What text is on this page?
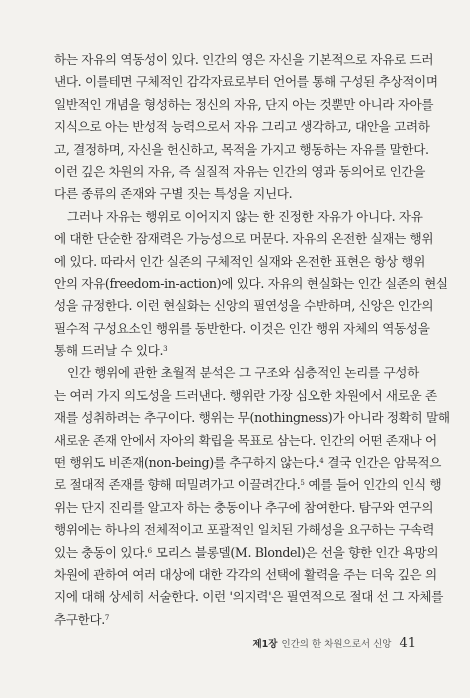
하는 자유의 역동성이 있다. 인간의 영은 자신을 기본적으로 자유로 드러
낸다. 이를테면 구체적인 감각자료로부터 언어를 통해 구성된 추상적이며
일반적인 개념을 형성하는 정신의 자유, 단지 아는 것뿐만 아니라 자아를
지식으로 아는 반성적 능력으로서 자유 그리고 생각하고, 대안을 고려하
고, 결정하며, 자신을 헌신하고, 목적을 가지고 행동하는 자유를 말한다.
이런 깊은 차원의 자유, 즉 실질적 자유는 인간의 영과 동의어로 인간을
다른 종류의 존재와 구별 짓는 특성을 지닌다.
그러나 자유는 행위로 이어지지 않는 한 진정한 자유가 아니다. 자유
에 대한 단순한 잠재력은 가능성으로 머문다. 자유의 온전한 실재는 행위
에 있다. 따라서 인간 실존의 구체적인 실재와 온전한 표현은 항상 행위
안의 자유(freedom-in-action)에 있다. 자유의 현실화는 인간 실존의 현실
성을 규정한다. 이런 현실화는 신앙의 필연성을 수반하며, 신앙은 인간의
필수적 구성요소인 행위를 동반한다. 이것은 인간 행위 자체의 역동성을
통해 드러날 수 있다.$^3$
인간 행위에 관한 초월적 분석은 그 구조와 심층적인 논리를 구성하
는 여러 가지 의도성을 드러낸다. 행위란 가장 심오한 차원에서 새로운 존
재를 성취하려는 추구이다. 행위는 무(nothingness)가 아니라 정확히 말해
새로운 존재 안에서 자아의 확립을 목표로 삼는다. 인간의 어떤 존재나 어
떤 행위도 비존재(non-being)를 추구하지 않는다.$^4$ 결국 인간은 암묵적으
로 절대적 존재를 향해 떠밀려가고 이끌려간다.$^5$ 예를 들어 인간의 인식 행
위는 단지 진리를 알고자 하는 충동이나 추구에 참여한다. 탐구와 연구의
행위에는 하나의 전체적이고 포괄적인 일치된 가해성을 요구하는 구속력
있는 충동이 있다.$^6$ 모리스 블롱델(M. Blondel)은 선을 향한 인간 욕망의
차원에 관하여 여러 대상에 대한 각각의 선택에 활력을 주는 더욱 깊은 의
지에 대해 상세히 서술한다. 이런 '의지력'은 필연적으로 절대 선 그 자체를
추구한다.$^7$
제1장 인간의 한 차원으로서 신앙 41
